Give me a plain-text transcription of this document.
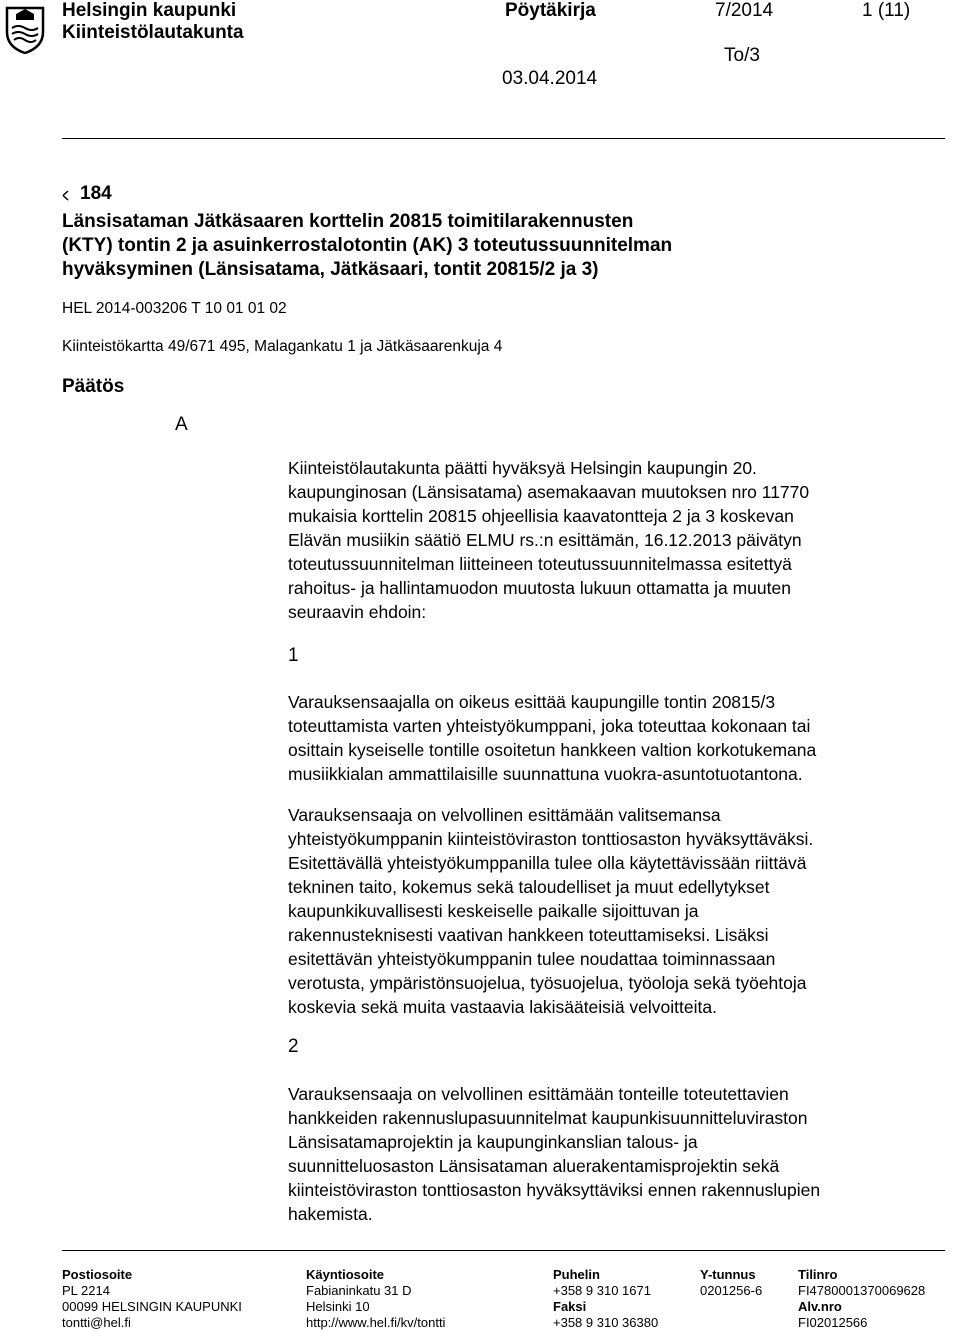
Helsingin kaupunki
Kiinteistölautakunta
Pöytäkirja	7/2014	1 (11)
To/3
03.04.2014
184
Länsisataman Jätkäsaaren korttelin 20815 toimitilarakennusten
(KTY) tontin 2 ja asuinkerrostalotontin (AK) 3 toteutussuunnitelman
hyväksyminen (Länsisatama, Jätkäsaari, tontit 20815/2 ja 3)
HEL 2014-003206 T 10 01 01 02
Kiinteistökartta 49/671 495, Malagankatu 1 ja Jätkäsaarenkuja 4
Päätös
A
Kiinteistölautakunta päätti hyväksyä Helsingin kaupungin 20.
kaupunginosan (Länsisatama) asemakaavan muutoksen nro 11770
mukaisia korttelin 20815 ohjeellisia kaavatontteja 2 ja 3 koskevan
Elävän musiikin säätiö ELMU rs.:n esittämän, 16.12.2013 päivätyn
toteutussuunnitelman liitteineen toteutussuunnitelmassa esitettyä
rahoitus- ja hallintamuodon muutosta lukuun ottamatta ja muuten
seuraavin ehdoin:
1
Varauksensaajalla on oikeus esittää kaupungille tontin 20815/3
toteuttamista varten yhteistyökumppani, joka toteuttaa kokonaan tai
osittain kyseiselle tontille osoitetun hankkeen valtion korkotukemana
musiikkialan ammattilaisille suunnattuna vuokra-asuntotuotantona.
Varauksensaaja on velvollinen esittämään valitsemansa
yhteistyökumppanin kiinteistöviraston tonttiosaston hyväksyttäväksi.
Esitettävällä yhteistyökumppanilla tulee olla käytettävissään riittävä
tekninen taito, kokemus sekä taloudelliset ja muut edellytykset
kaupunkikuvallisesti keskeiselle paikalle sijoittuvan ja
rakennusteknisesti vaativan hankkeen toteuttamiseksi. Lisäksi
esitettävän yhteistyökumppanin tulee noudattaa toiminnassaan
verotusta, ympäristönsuojelua, työsuojelua, työoloja sekä työehtoja
koskevia sekä muita vastaavia lakisääteisiä velvoitteita.
2
Varauksensaaja on velvollinen esittämään tonteille toteutettavien
hankkeiden rakennuslupasuunnitelmat kaupunkisuunnitteluviraston
Länsisatamaprojektin ja kaupunginkanslian talous- ja
suunnitteluosaston Länsisataman aluerakentamisprojektin sekä
kiinteistöviraston tonttiosaston hyväksyttäviksi ennen rakennuslupien
hakemista.
Postiosoite
PL 2214
00099 HELSINGIN KAUPUNKI
tontti@hel.fi
Käyntiosoite
Fabianinkatu 31 D
Helsinki 10
http://www.hel.fi/kv/tontti
Puhelin
+358 9 310 1671
Faksi
+358 9 310 36380
Y-tunnus
0201256-6
Tilinro
FI4780001370069628
Alv.nro
FI02012566
